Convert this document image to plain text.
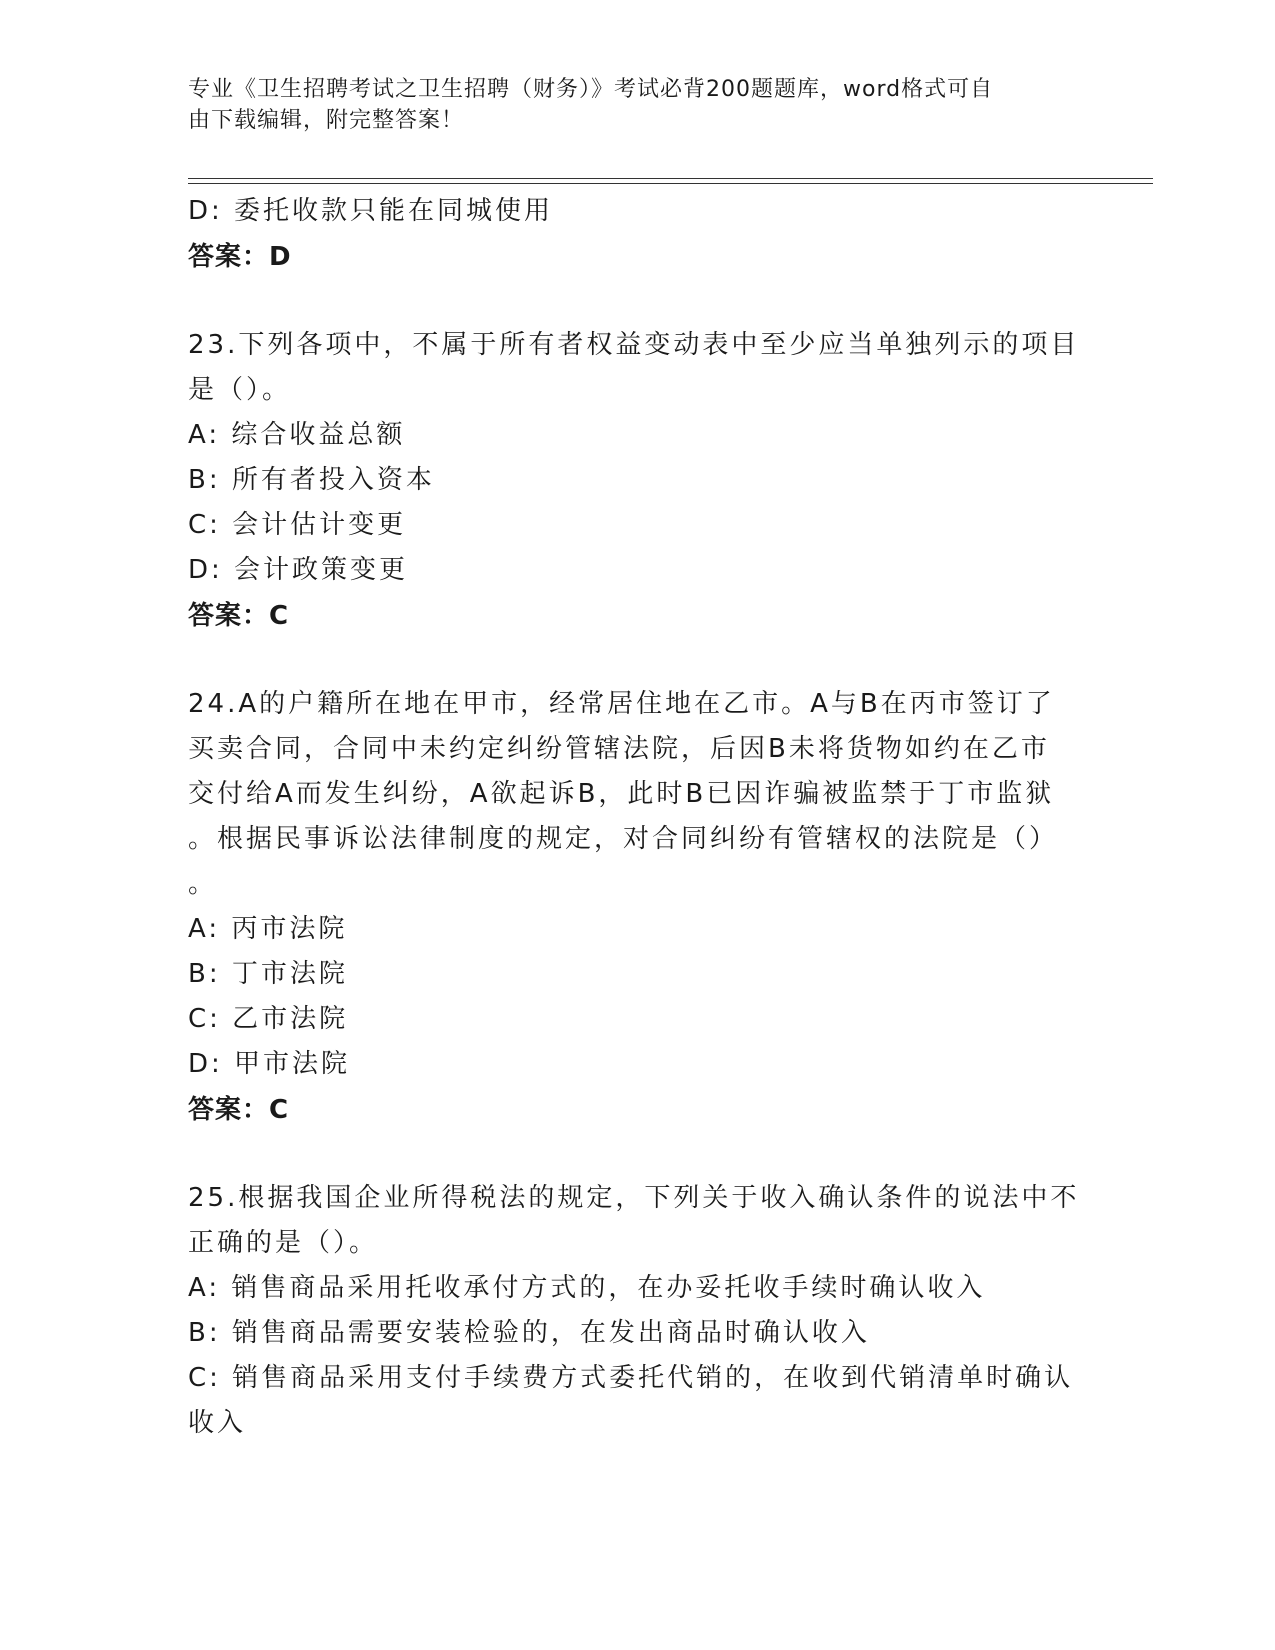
专业《卫生招聘考试之卫生招聘（财务）》考试必背200题题库，word格式可自
由下载编辑，附完整答案！
D: 委托收款只能在同城使用
答案：D
23.下列各项中，不属于所有者权益变动表中至少应当单独列示的项目
是（）。
A: 综合收益总额
B: 所有者投入资本
C: 会计估计变更
D: 会计政策变更
答案：C
24.A的户籍所在地在甲市，经常居住地在乙市。A与B在丙市签订了
买卖合同，合同中未约定纠纷管辖法院，后因B未将货物如约在乙市
交付给A而发生纠纷，A欲起诉B，此时B已因诈骗被监禁于丁市监狱
。根据民事诉讼法律制度的规定，对合同纠纷有管辖权的法院是（）
。
A: 丙市法院
B: 丁市法院
C: 乙市法院
D: 甲市法院
答案：C
25.根据我国企业所得税法的规定，下列关于收入确认条件的说法中不
正确的是（）。
A: 销售商品采用托收承付方式的，在办妥托收手续时确认收入
B: 销售商品需要安装检验的，在发出商品时确认收入
C: 销售商品采用支付手续费方式委托代销的，在收到代销清单时确认
收入
